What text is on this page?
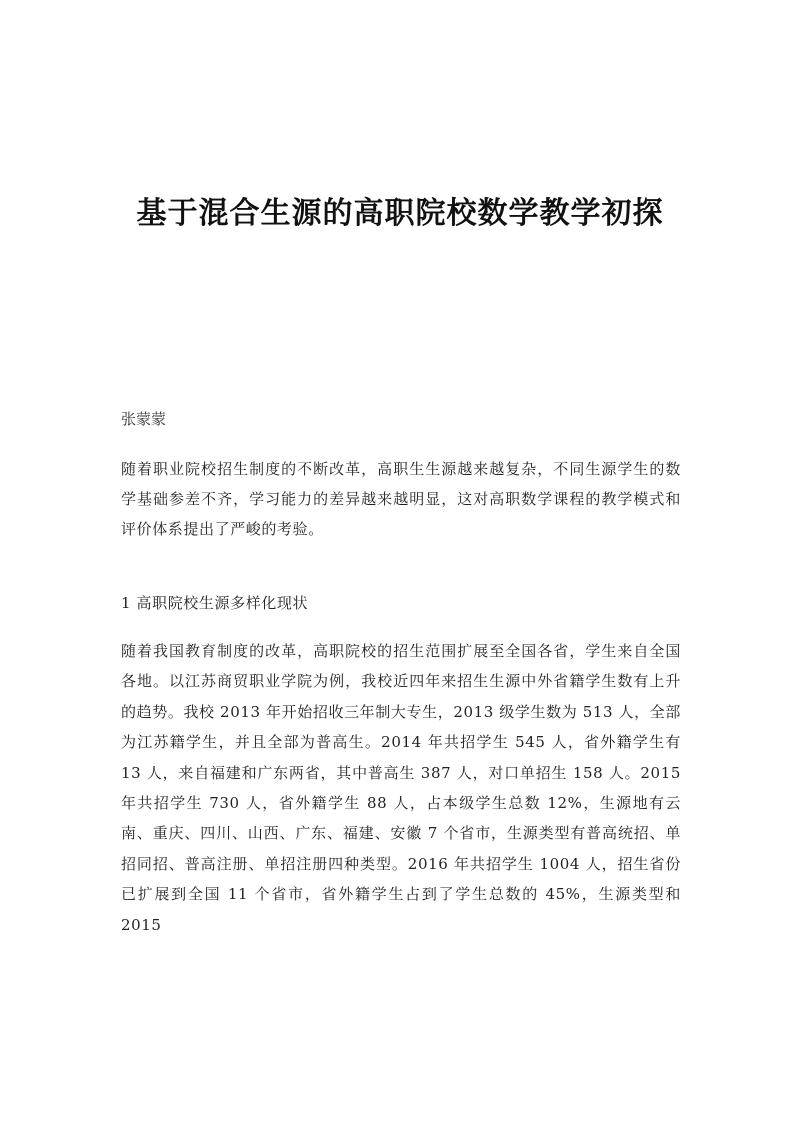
基于混合生源的高职院校数学教学初探

张蒙蒙

随着职业院校招生制度的不断改革，高职生生源越来越复杂，不同生源学生的数学基础参差不齐，学习能力的差异越来越明显，这对高职数学课程的教学模式和评价体系提出了严峻的考验。

1 高职院校生源多样化现状

随着我国教育制度的改革，高职院校的招生范围扩展至全国各省，学生来自全国各地。以江苏商贸职业学院为例，我校近四年来招生生源中外省籍学生数有上升的趋势。我校 2013 年开始招收三年制大专生，2013 级学生数为 513 人，全部为江苏籍学生，并且全部为普高生。2014 年共招学生 545 人，省外籍学生有 13 人，来自福建和广东两省，其中普高生 387 人，对口单招生 158 人。2015 年共招学生 730 人，省外籍学生 88 人，占本级学生总数 12%，生源地有云南、重庆、四川、山西、广东、福建、安徽 7 个省市，生源类型有普高统招、单招同招、普高注册、单招注册四种类型。2016 年共招学生 1004 人，招生省份已扩展到全国 11 个省市，省外籍学生占到了学生总数的 45%，生源类型和 2015
